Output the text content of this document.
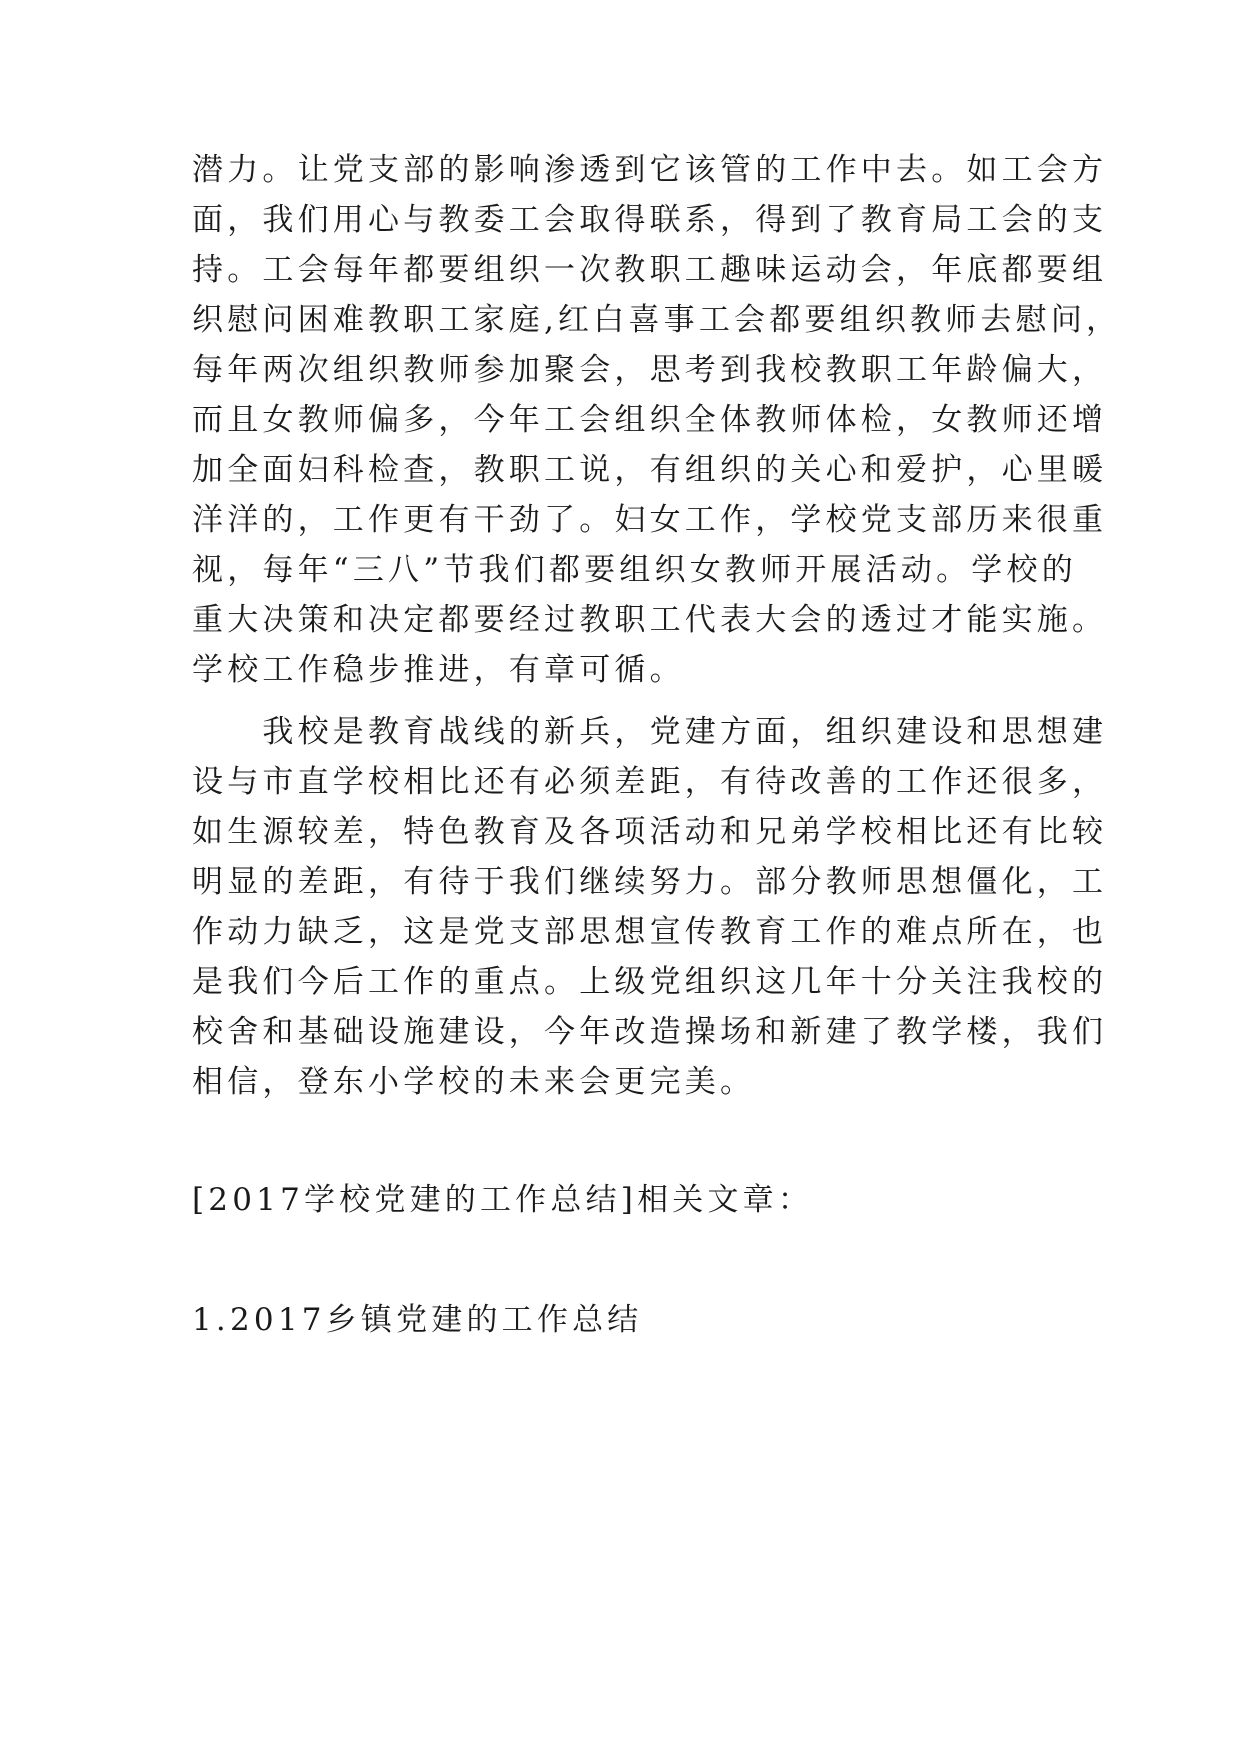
潜力。让党支部的影响渗透到它该管的工作中去。如工会方
面，我们用心与教委工会取得联系，得到了教育局工会的支
持。工会每年都要组织一次教职工趣味运动会，年底都要组
织慰问困难教职工家庭,红白喜事工会都要组织教师去慰问，
每年两次组织教师参加聚会，思考到我校教职工年龄偏大，
而且女教师偏多，今年工会组织全体教师体检，女教师还增
加全面妇科检查，教职工说，有组织的关心和爱护，心里暖
洋洋的，工作更有干劲了。妇女工作，学校党支部历来很重
视，每年“三八”节我们都要组织女教师开展活动。学校的
重大决策和决定都要经过教职工代表大会的透过才能实施。
学校工作稳步推进，有章可循。
　　我校是教育战线的新兵，党建方面，组织建设和思想建
设与市直学校相比还有必须差距，有待改善的工作还很多，
如生源较差，特色教育及各项活动和兄弟学校相比还有比较
明显的差距，有待于我们继续努力。部分教师思想僵化，工
作动力缺乏，这是党支部思想宣传教育工作的难点所在，也
是我们今后工作的重点。上级党组织这几年十分关注我校的
校舍和基础设施建设，今年改造操场和新建了教学楼，我们
相信，登东小学校的未来会更完美。
[2017学校党建的工作总结]相关文章：
1.2017乡镇党建的工作总结
